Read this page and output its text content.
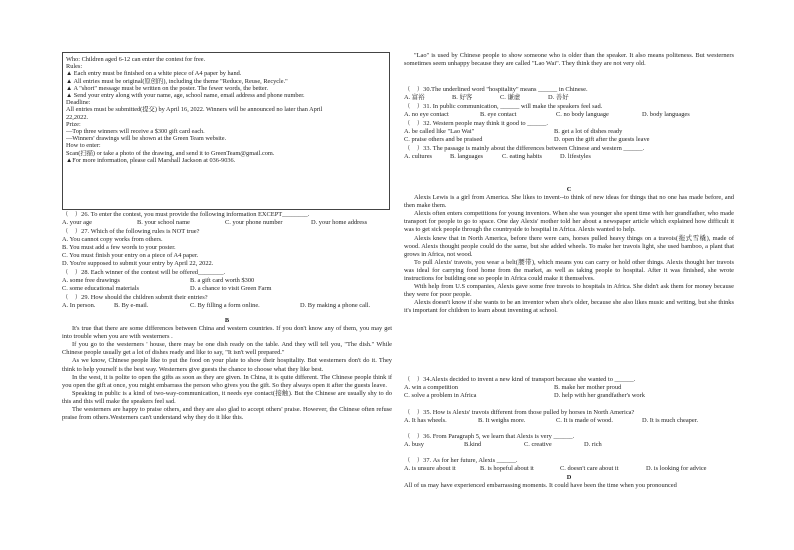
Who: Children aged 6-12 can enter the contest for free.
Rules:
▲ Each entry must be finished on a white piece of A4 paper by hand.
▲ All entries must be original(原创的), including the theme "Reduce, Reuse, Recycle."
▲ A "short" message must be written on the poster. The fewer words, the better.
▲ Send your entry along with your name, age, school name, email address and phone number.
Deadline:
All entries must be submitted(提交) by April 16, 2022. Winners will be announced no later than April
22,2022.
Prize:
—Top three winners will receive a $300 gift card each.
—Winners' drawings will be shown at the Green Team website.
How to enter:
Scan(扫描) or take a photo of the drawing, and send it to GreenTeam@gmail.com.
▲For more information, please call Marshall Jackson at 036-9036.
（　）26. To enter the contest, you must provide the following information EXCEPT________.
A. your age	B. your school name	C. your phone number	D. your home address
（　）27. Which of the following rules is NOT true?
A. You cannot copy works from others.
B. You must add a few words to your poster.
C. You must finish your entry on a piece of A4 paper.
D. You're supposed to submit your entry by April 22, 2022.
（　）28. Each winner of the contest will be offered________.
A. some free drawings	B. a gift card worth $300
C. some educational materials	D. a chance to visit Green Farm
（　）29. How should the children submit their entries?
A. In person.	B. By e-mail.	C. By filling a form online.	D. By making a phone call.
B
It's true that there are some differences between China and western countries. If you don't know any of them, you may get into trouble when you are with westerners .
If you go to the westerners ' house, there may be one dish ready on the table. And they will tell you, "The dish." While Chinese people usually get a lot of dishes ready and like to say, "It isn't well prepared."
As we know, Chinese people like to put the food on your plate to show their hospitality. But westerners don't do it. They think to help yourself is the best way. Westerners give guests the chance to choose what they like best.
In the west, it is polite to open the gifts as soon as they are given. In China, it is quite different. The Chinese people think if you open the gift at once, you might embarrass the person who gives you the gift. So they always open it after the guests leave.
Speaking in public is a kind of two-way-communication, it needs eye contact(接触). But the Chinese are usually shy to do this and this will make the speakers feel sad.
The westerners are happy to praise others, and they are also glad to accept others' praise. However, the Chinese often refuse praise from others.Westerners can't understand why they do it like this.
"Lao" is used by Chinese people to show someone who is older than the speaker. It also means politeness. But westerners sometimes seem unhappy because they are called "Lao Wai". They think they are not very old.
（　）30.The underlined word "hospitality" means ______ in Chinese.
A. 富裕	B. 好客	C. 谦虚	D. 善好
（　）31. In public communication, ______ will make the speakers feel sad.
A. no eye contact	B. eye contact	C. no body language	D. body languages
（　）32. Western people may think it good to ______.
A. be called like "Lao Wai"	B. get a lot of dishes ready
C. praise others and be praised	D. open the gift after the guests leave
（　）33. The passage is mainly about the differences between Chinese and western ______.
A. cultures	B. languages	C. eating habits	D. lifestyles
C
Alexis Lewis is a girl from America. She likes to invent--to think of new ideas for things that no one has made before, and then make them.
Alexis often enters competitions for young inventors. When she was younger she spent time with her grandfather, who made transport for people to go to space. One day Alexis' mother told her about a newspaper article which explained how difficult it was to get sick people through the countryside to hospital in Africa. Alexis wanted to help.
Alexis knew that in North America, before there were cars, horses pulled heavy things on a travois(拖式雪橇), made of wood. Alexis thought people could do the same, but she added wheels. To make her travois light, she used bamboo, a plant that grows in Africa, not wood.
To pull Alexis' travois, you wear a belt(腰带), which means you can carry or hold other things. Alexis thought her travois was ideal for carrying food home from the market, as well as taking people to hospital. After it was finished, she wrote instructions for building one so people in Africa could make it themselves.
With help from U.S companies, Alexis gave some free travois to hospitals in Africa. She didn't ask them for money because they were for poor people.
Alexis doesn't know if she wants to be an inventor when she's older, because she also likes music and writing, but she thinks it's important for children to learn about inventing at school.
（　）34.Alexis decided to invent a new kind of transport because she wanted to ______.
A. win a competition	B. make her mother proud
C. solve a problem in Africa	D. help with her grandfather's work
（　）35. How is Alexis' travois different from those pulled by horses in North America?
A. It has wheels.	B. It weighs more.	C. It is made of wood.	D. It is much cheaper.
（　）36. From Paragraph 5, we learn that Alexis is very ______.
A. busy	B.kind	C. creative	D. rich
（　）37. As for her future, Alexis ______.
A. is unsure about it	B. is hopeful about it	C. doesn't care about it	D. is looking for advice
D
All of us may have experienced embarrassing moments. It could have been the time when you pronounced
